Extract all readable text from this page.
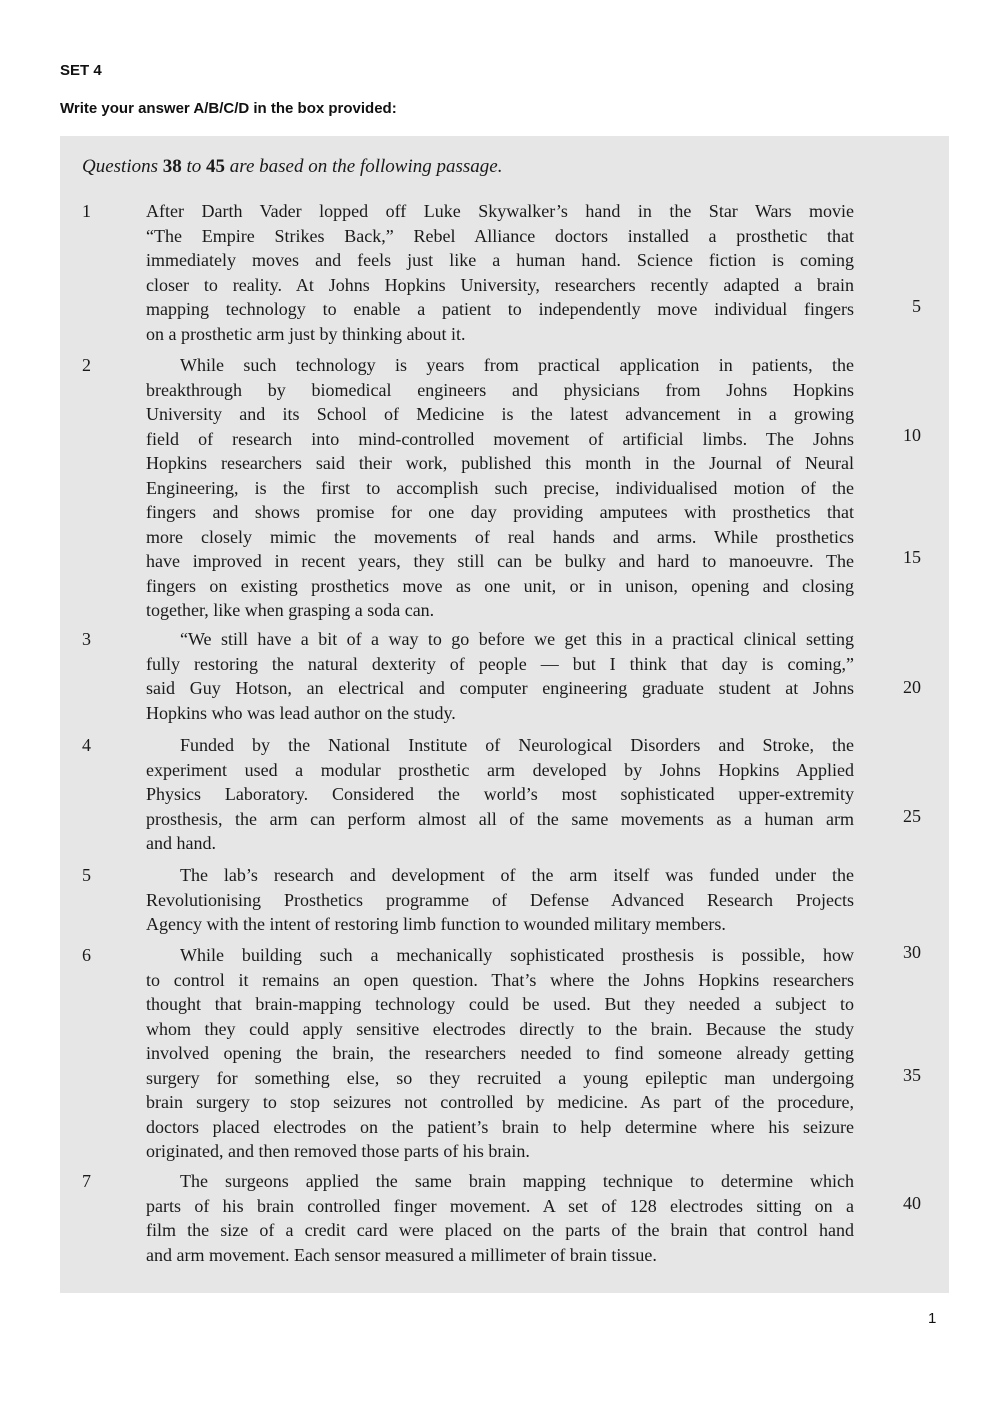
SET 4

Write your answer A/B/C/D in the box provided:

Questions 38 to 45 are based on the following passage.

1	After Darth Vader lopped off Luke Skywalker’s hand in the Star Wars movie
“The Empire Strikes Back,” Rebel Alliance doctors installed a prosthetic that
immediately moves and feels just like a human hand. Science fiction is coming
closer to reality. At Johns Hopkins University, researchers recently adapted a brain
mapping technology to enable a patient to independently move individual fingers
on a prosthetic arm just by thinking about it.
2	While such technology is years from practical application in patients, the
breakthrough by biomedical engineers and physicians from Johns Hopkins
University and its School of Medicine is the latest advancement in a growing
field of research into mind-controlled movement of artificial limbs. The Johns
Hopkins researchers said their work, published this month in the Journal of Neural
Engineering, is the first to accomplish such precise, individualised motion of the
fingers and shows promise for one day providing amputees with prosthetics that
more closely mimic the movements of real hands and arms. While prosthetics
have improved in recent years, they still can be bulky and hard to manoeuvre. The
fingers on existing prosthetics move as one unit, or in unison, opening and closing
together, like when grasping a soda can.
3	“We still have a bit of a way to go before we get this in a practical clinical setting
fully restoring the natural dexterity of people — but I think that day is coming,”
said Guy Hotson, an electrical and computer engineering graduate student at Johns
Hopkins who was lead author on the study.
4	Funded by the National Institute of Neurological Disorders and Stroke, the
experiment used a modular prosthetic arm developed by Johns Hopkins Applied
Physics Laboratory. Considered the world’s most sophisticated upper-extremity
prosthesis, the arm can perform almost all of the same movements as a human arm
and hand.
5	The lab’s research and development of the arm itself was funded under the
Revolutionising Prosthetics programme of Defense Advanced Research Projects
Agency with the intent of restoring limb function to wounded military members.
6	While building such a mechanically sophisticated prosthesis is possible, how
to control it remains an open question. That’s where the Johns Hopkins researchers
thought that brain-mapping technology could be used. But they needed a subject to
whom they could apply sensitive electrodes directly to the brain. Because the study
involved opening the brain, the researchers needed to find someone already getting
surgery for something else, so they recruited a young epileptic man undergoing
brain surgery to stop seizures not controlled by medicine. As part of the procedure,
doctors placed electrodes on the patient’s brain to help determine where his seizure
originated, and then removed those parts of his brain.
7	The surgeons applied the same brain mapping technique to determine which
parts of his brain controlled finger movement. A set of 128 electrodes sitting on a
film the size of a credit card were placed on the parts of the brain that control hand
and arm movement. Each sensor measured a millimeter of brain tissue.
5
10
15
20
25
30
35
40
1
